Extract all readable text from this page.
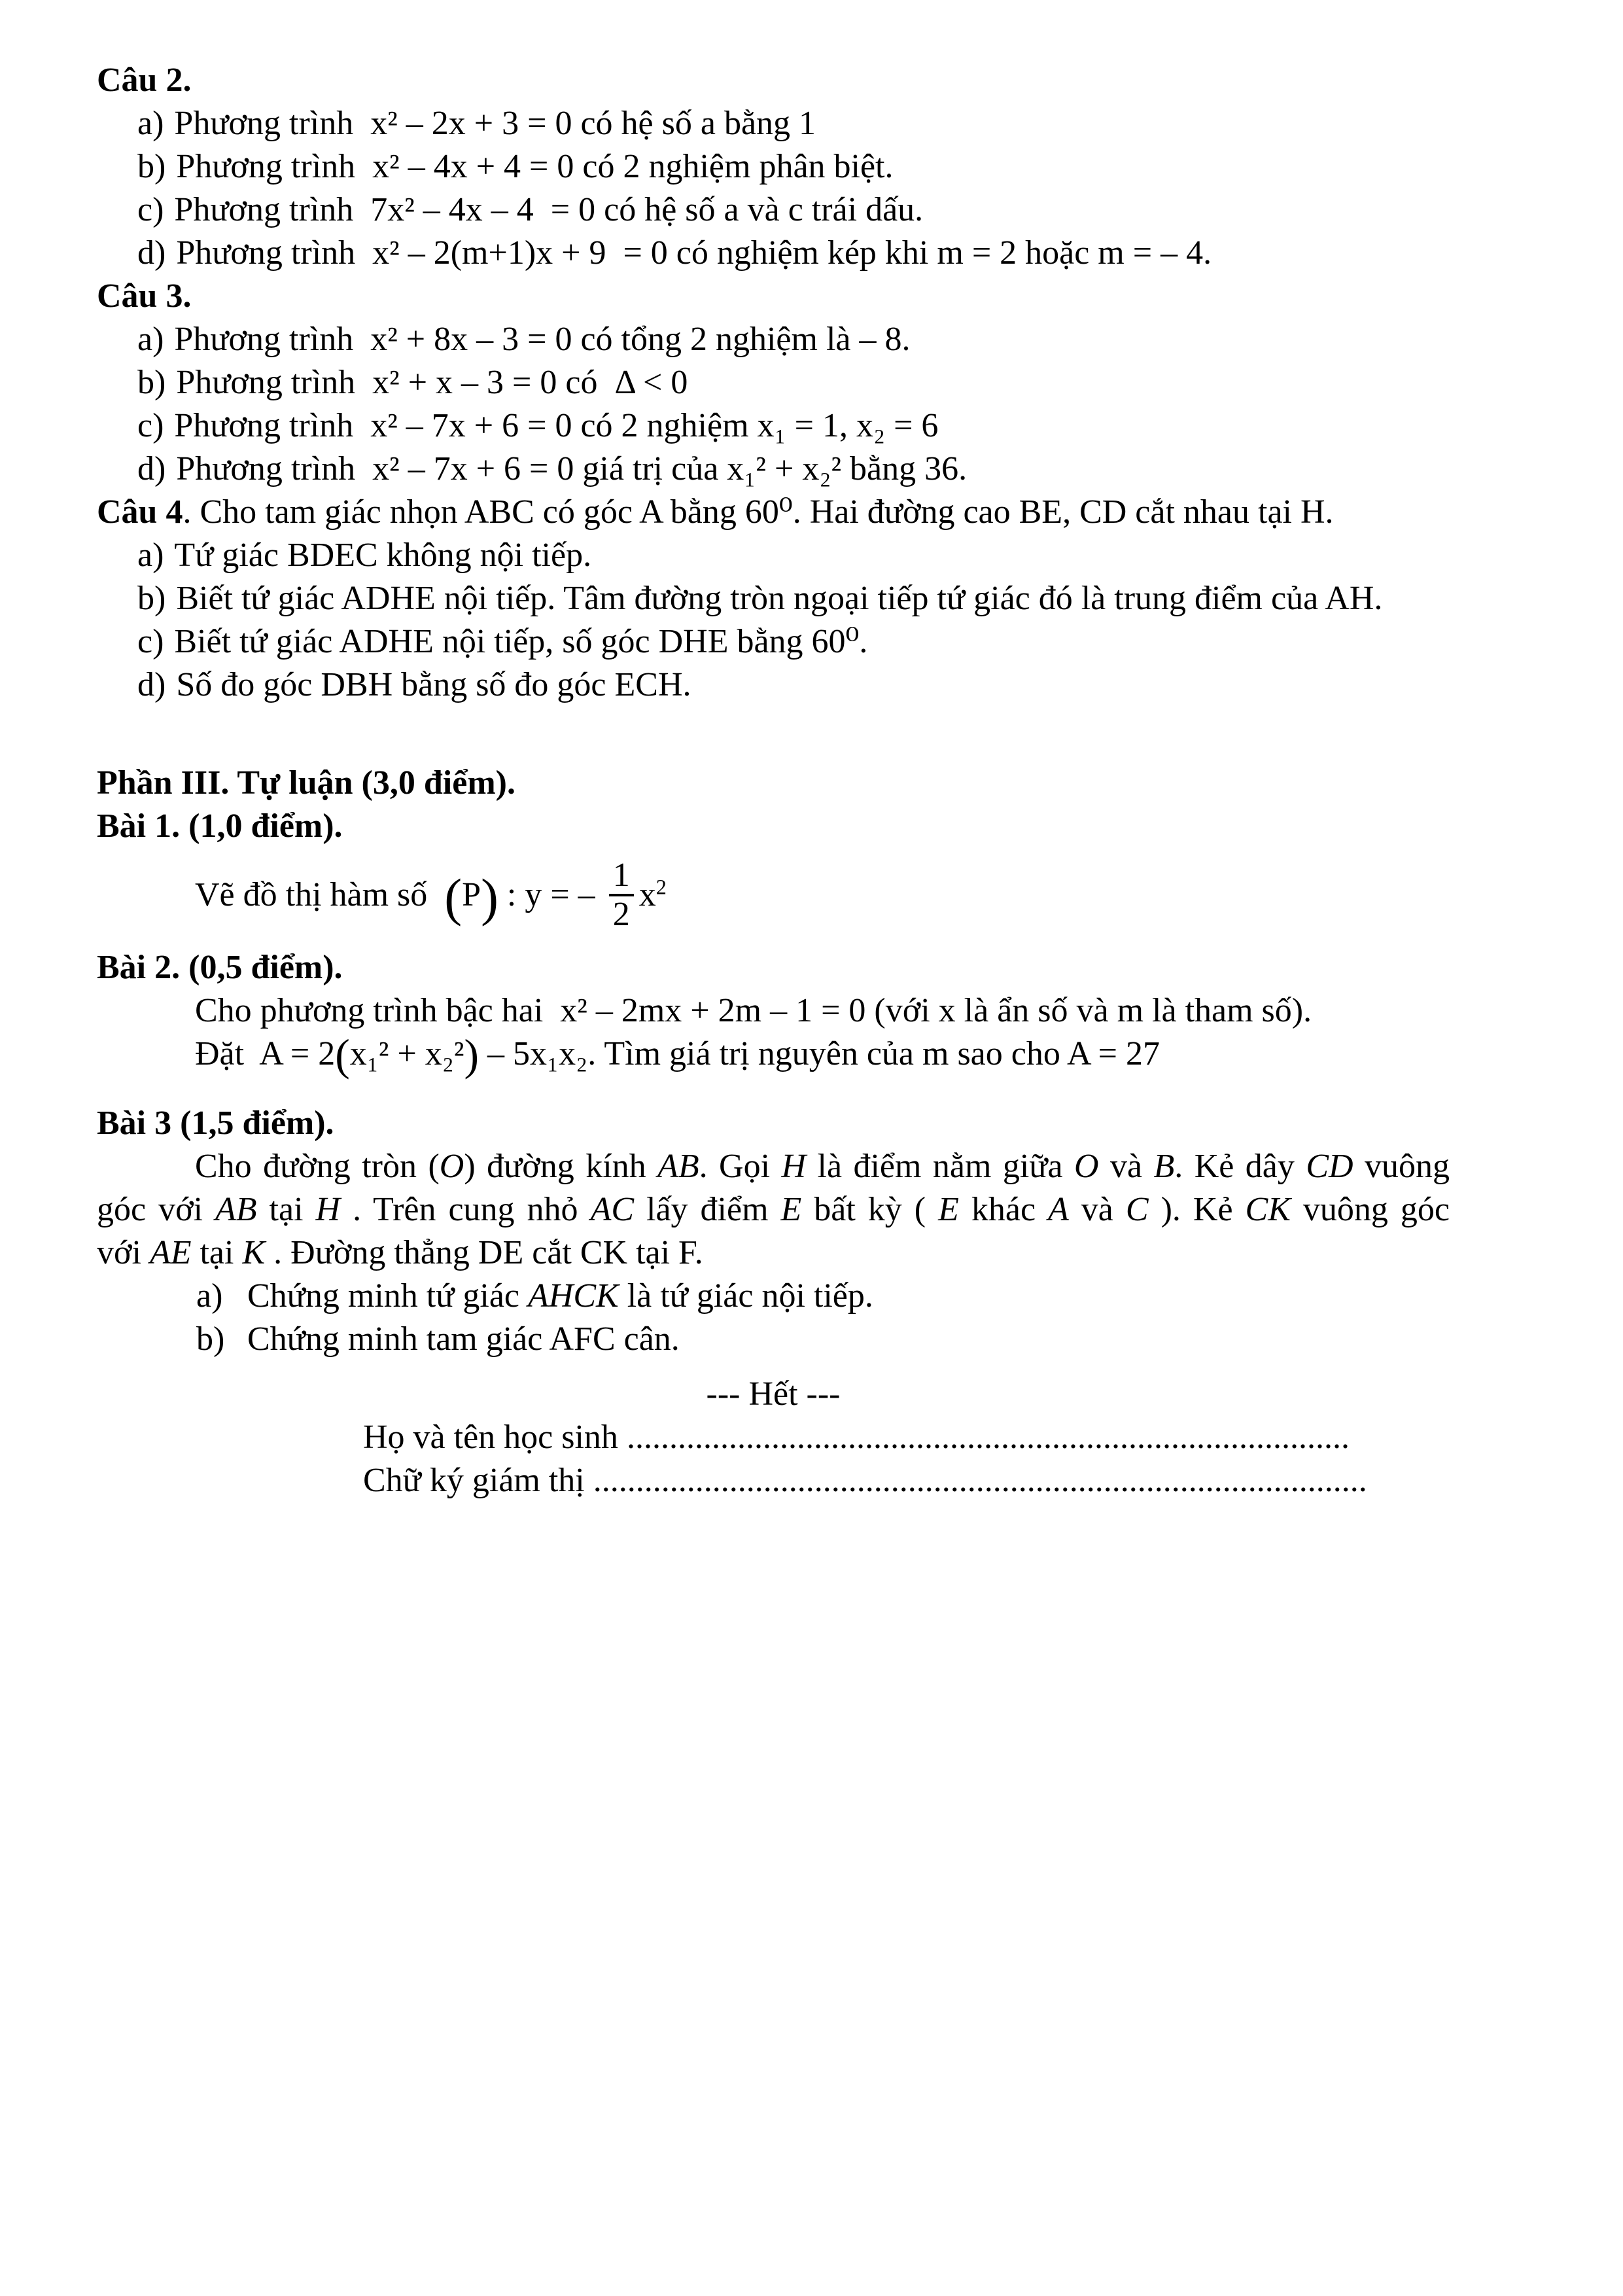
Câu 2.
a) Phương trình  x² – 2x + 3 = 0 có hệ số a bằng 1
b) Phương trình  x² – 4x + 4 = 0 có 2 nghiệm phân biệt.
c) Phương trình  7x² – 4x – 4  = 0 có hệ số a và c trái dấu.
d) Phương trình  x² – 2(m+1)x + 9  = 0 có nghiệm kép khi m = 2 hoặc m = – 4.
Câu 3.
a) Phương trình  x² + 8x – 3 = 0 có tổng 2 nghiệm là – 8.
b) Phương trình  x² + x – 3 = 0 có  Δ < 0
c) Phương trình  x² – 7x + 6 = 0 có 2 nghiệm x₁ = 1, x₂ = 6
d) Phương trình  x² – 7x + 6 = 0 giá trị của x₁² + x₂² bằng 36.
Câu 4. Cho tam giác nhọn ABC có góc A bằng 60⁰. Hai đường cao BE, CD cắt nhau tại H.
a) Tứ giác BDEC không nội tiếp.
b) Biết tứ giác ADHE nội tiếp. Tâm đường tròn ngoại tiếp tứ giác đó là trung điểm của AH.
c) Biết tứ giác ADHE nội tiếp, số góc DHE bằng 60⁰.
d) Số đo góc DBH bằng số đo góc ECH.
Phần III. Tự luận (3,0 điểm).
Bài 1. (1,0 điểm).
Vẽ đồ thị hàm số  (P) : y = – $\frac{1}{2} x^2$
Bài 2. (0,5 điểm).
Cho phương trình bậc hai  x² – 2mx + 2m – 1 = 0 (với x là ẩn số và m là tham số).
Đặt  A = 2(x₁² + x₂²) – 5x₁x₂. Tìm giá trị nguyên của m sao cho A = 27
Bài 3 (1,5 điểm).
Cho đường tròn (O) đường kính AB. Gọi H là điểm nằm giữa O và B. Kẻ dây CD vuông
góc với AB tại H . Trên cung nhỏ AC lấy điểm E bất kỳ ( E khác A và C ). Kẻ CK vuông góc
với AE tại K . Đường thẳng DE cắt CK tại F.
a) Chứng minh tứ giác AHCK là tứ giác nội tiếp.
b) Chứng minh tam giác AFC cân.
--- Hết ---
Họ và tên học sinh .....................................................................................
Chữ ký giám thị ...........................................................................................
